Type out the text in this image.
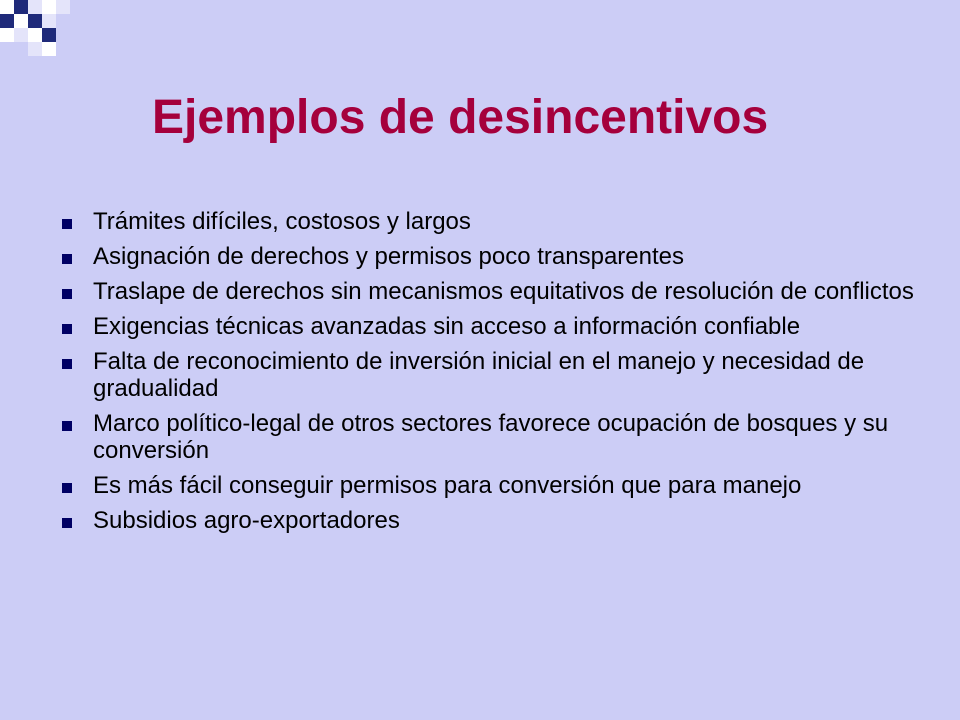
Ejemplos de desincentivos
Trámites difíciles, costosos y largos
Asignación de derechos y permisos poco transparentes
Traslape de derechos sin mecanismos equitativos de resolución de conflictos
Exigencias técnicas avanzadas sin acceso a información confiable
Falta de reconocimiento de inversión inicial en el manejo y necesidad de gradualidad
Marco político-legal de otros sectores favorece ocupación de bosques y su conversión
Es más fácil conseguir permisos para conversión que para manejo
Subsidios agro-exportadores
